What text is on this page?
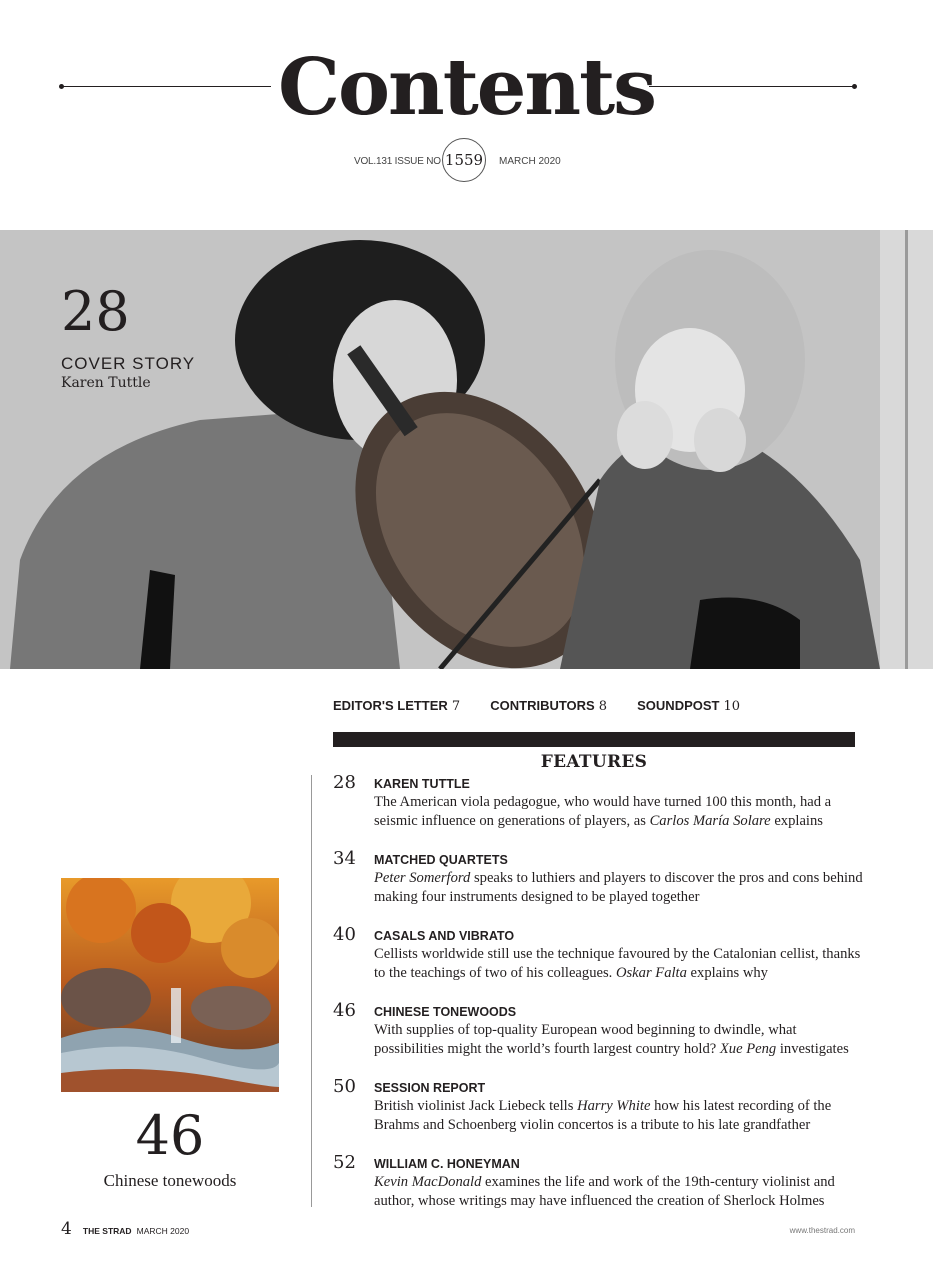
Contents
VOL.131 ISSUE NO 1559 MARCH 2020
28
COVER STORY
Karen Tuttle
EDITOR'S LETTER 7 CONTRIBUTORS 8 SOUNDPOST 10
FEATURES
28 KAREN TUTTLE

The American viola pedagogue, who would have turned 100 this month, had a seismic influence on generations of players, as Carlos María Solare explains

34 MATCHED QUARTETS

Peter Somerford speaks to luthiers and players to discover the pros and cons behind making four instruments designed to be played together

40 CASALS AND VIBRATO

Cellists worldwide still use the technique favoured by the Catalonian cellist, thanks to the teachings of two of his colleagues. Oskar Falta explains why

46 CHINESE TONEWOODS

With supplies of top-quality European wood beginning to dwindle, what possibilities might the world’s fourth largest country hold? Xue Peng investigates

50 SESSION REPORT

British violinist Jack Liebeck tells Harry White how his latest recording of the Brahms and Schoenberg violin concertos is a tribute to his late grandfather

52 WILLIAM C. HONEYMAN

Kevin MacDonald examines the life and work of the 19th-century violinist and author, whose writings may have influenced the creation of Sherlock Holmes

46
Chinese tonewoods
4 THE STRAD MARCH 2020	www.thestrad.com
